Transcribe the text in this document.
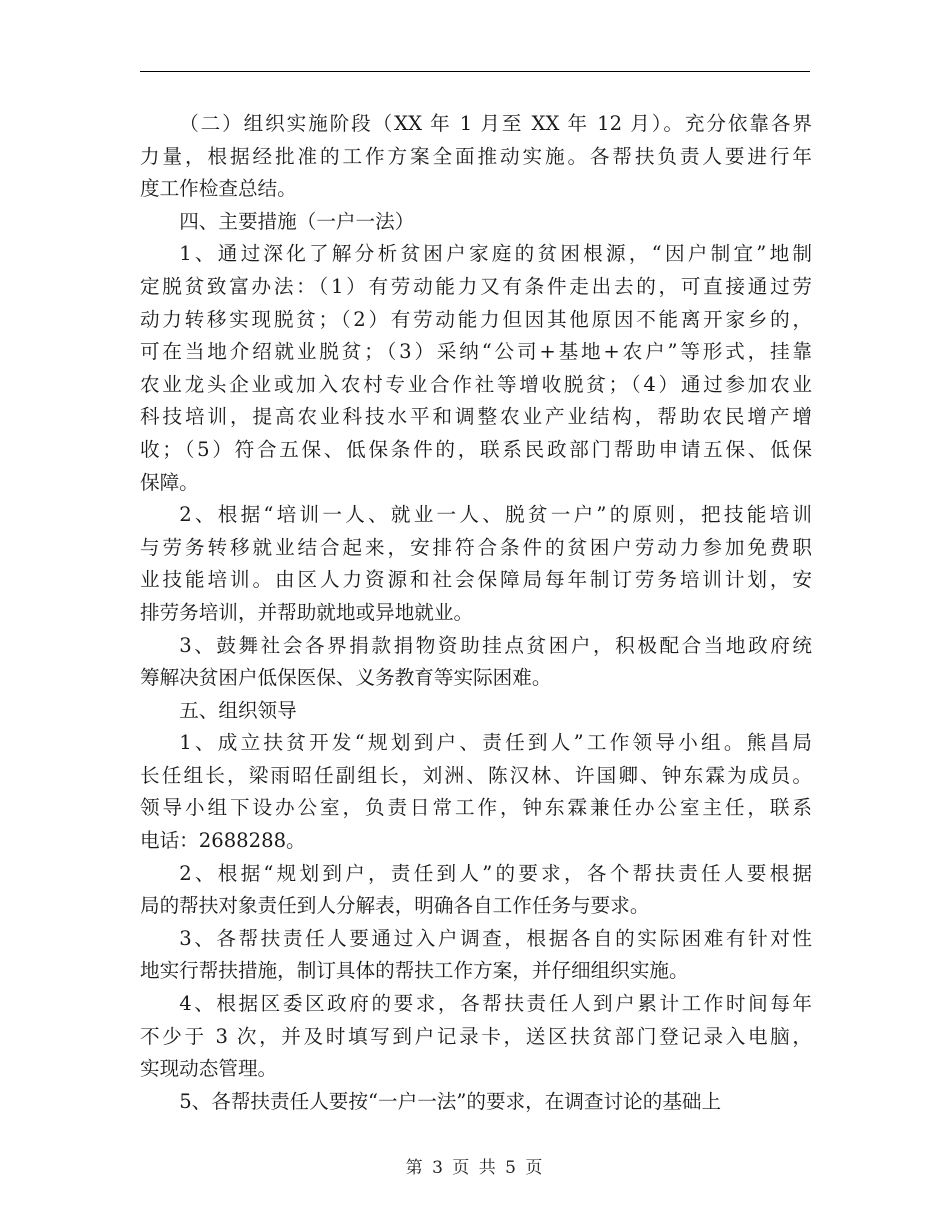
（二）组织实施阶段（XX 年 1 月至 XX 年 12 月）。充分依靠各界
力量，根据经批准的工作方案全面推动实施。各帮扶负责人要进行年
度工作检查总结。

四、主要措施（一户一法）

1、通过深化了解分析贫困户家庭的贫困根源，“因户制宜”地制
定脱贫致富办法：（1）有劳动能力又有条件走出去的，可直接通过劳
动力转移实现脱贫；（2）有劳动能力但因其他原因不能离开家乡的，
可在当地介绍就业脱贫；（3）采纳“公司+基地+农户”等形式，挂靠
农业龙头企业或加入农村专业合作社等增收脱贫；（4）通过参加农业
科技培训，提高农业科技水平和调整农业产业结构，帮助农民增产增
收；（5）符合五保、低保条件的，联系民政部门帮助申请五保、低保
保障。

2、根据“培训一人、就业一人、脱贫一户”的原则，把技能培训
与劳务转移就业结合起来，安排符合条件的贫困户劳动力参加免费职
业技能培训。由区人力资源和社会保障局每年制订劳务培训计划，安
排劳务培训，并帮助就地或异地就业。

3、鼓舞社会各界捐款捐物资助挂点贫困户，积极配合当地政府统
筹解决贫困户低保医保、义务教育等实际困难。

五、组织领导

1、成立扶贫开发“规划到户、责任到人”工作领导小组。熊昌局
长任组长，梁雨昭任副组长，刘洲、陈汉林、许国卿、钟东霖为成员。
领导小组下设办公室，负责日常工作，钟东霖兼任办公室主任，联系
电话：2688288。

2、根据“规划到户，责任到人”的要求，各个帮扶责任人要根据
局的帮扶对象责任到人分解表，明确各自工作任务与要求。

3、各帮扶责任人要通过入户调查，根据各自的实际困难有针对性
地实行帮扶措施，制订具体的帮扶工作方案，并仔细组织实施。

4、根据区委区政府的要求，各帮扶责任人到户累计工作时间每年
不少于 3 次，并及时填写到户记录卡，送区扶贫部门登记录入电脑，
实现动态管理。

5、各帮扶责任人要按“一户一法”的要求，在调查讨论的基础上

第 3 页 共 5 页
